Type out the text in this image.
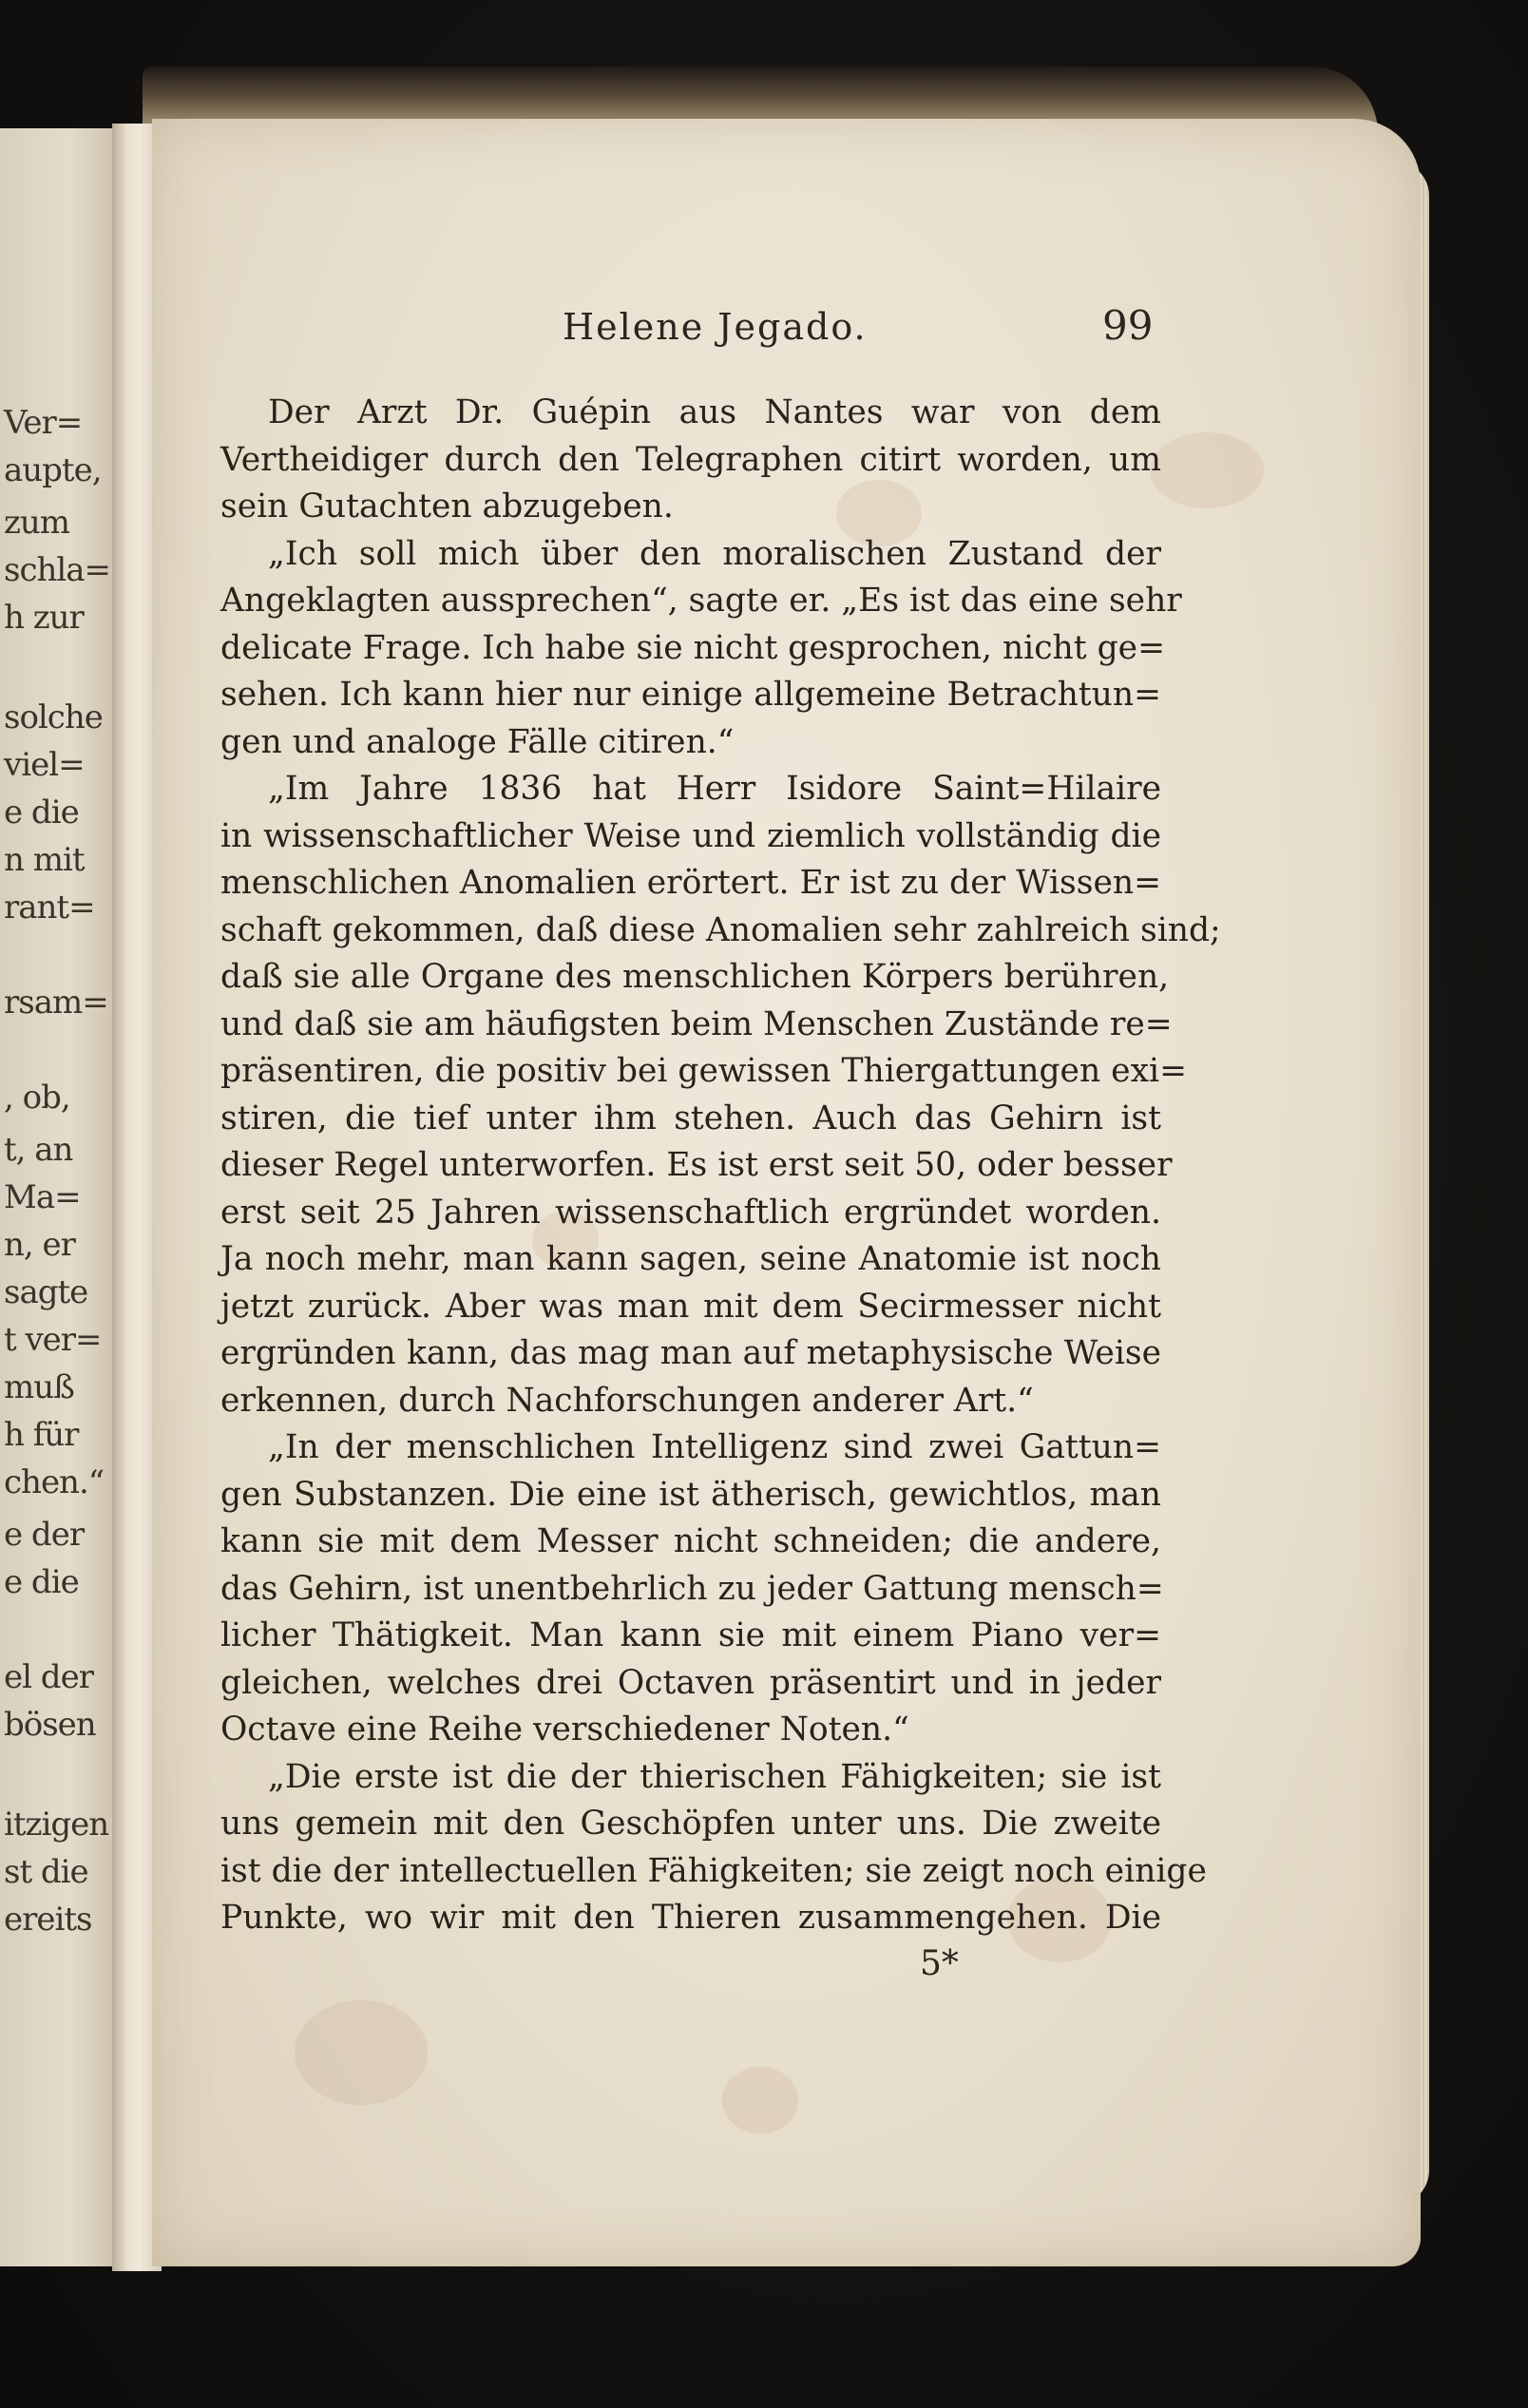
Ver=
aupte,
zum
schla=
h zur
solche
viel=
e die
n mit
rant=
rsam=
, ob,
t, an
Ma=
n, er
sagte
t ver=
muß
h für
chen.“
e der
e die
el der
bösen
itzigen
st die
ereits
Helene Jegado.	99
Der Arzt Dr. Guépin aus Nantes war von dem
Vertheidiger durch den Telegraphen citirt worden, um
sein Gutachten abzugeben.
„Ich soll mich über den moralischen Zustand der
Angeklagten aussprechen“, sagte er. „Es ist das eine sehr
delicate Frage. Ich habe sie nicht gesprochen, nicht ge=
sehen. Ich kann hier nur einige allgemeine Betrachtun=
gen und analoge Fälle citiren.“
„Im Jahre 1836 hat Herr Isidore Saint=Hilaire
in wissenschaftlicher Weise und ziemlich vollständig die
menschlichen Anomalien erörtert. Er ist zu der Wissen=
schaft gekommen, daß diese Anomalien sehr zahlreich sind;
daß sie alle Organe des menschlichen Körpers berühren,
und daß sie am häufigsten beim Menschen Zustände re=
präsentiren, die positiv bei gewissen Thiergattungen exi=
stiren, die tief unter ihm stehen. Auch das Gehirn ist
dieser Regel unterworfen. Es ist erst seit 50, oder besser
erst seit 25 Jahren wissenschaftlich ergründet worden.
Ja noch mehr, man kann sagen, seine Anatomie ist noch
jetzt zurück. Aber was man mit dem Secirmesser nicht
ergründen kann, das mag man auf metaphysische Weise
erkennen, durch Nachforschungen anderer Art.“
„In der menschlichen Intelligenz sind zwei Gattun=
gen Substanzen. Die eine ist ätherisch, gewichtlos, man
kann sie mit dem Messer nicht schneiden; die andere,
das Gehirn, ist unentbehrlich zu jeder Gattung mensch=
licher Thätigkeit. Man kann sie mit einem Piano ver=
gleichen, welches drei Octaven präsentirt und in jeder
Octave eine Reihe verschiedener Noten.“
„Die erste ist die der thierischen Fähigkeiten; sie ist
uns gemein mit den Geschöpfen unter uns. Die zweite
ist die der intellectuellen Fähigkeiten; sie zeigt noch einige
Punkte, wo wir mit den Thieren zusammengehen. Die
5*
